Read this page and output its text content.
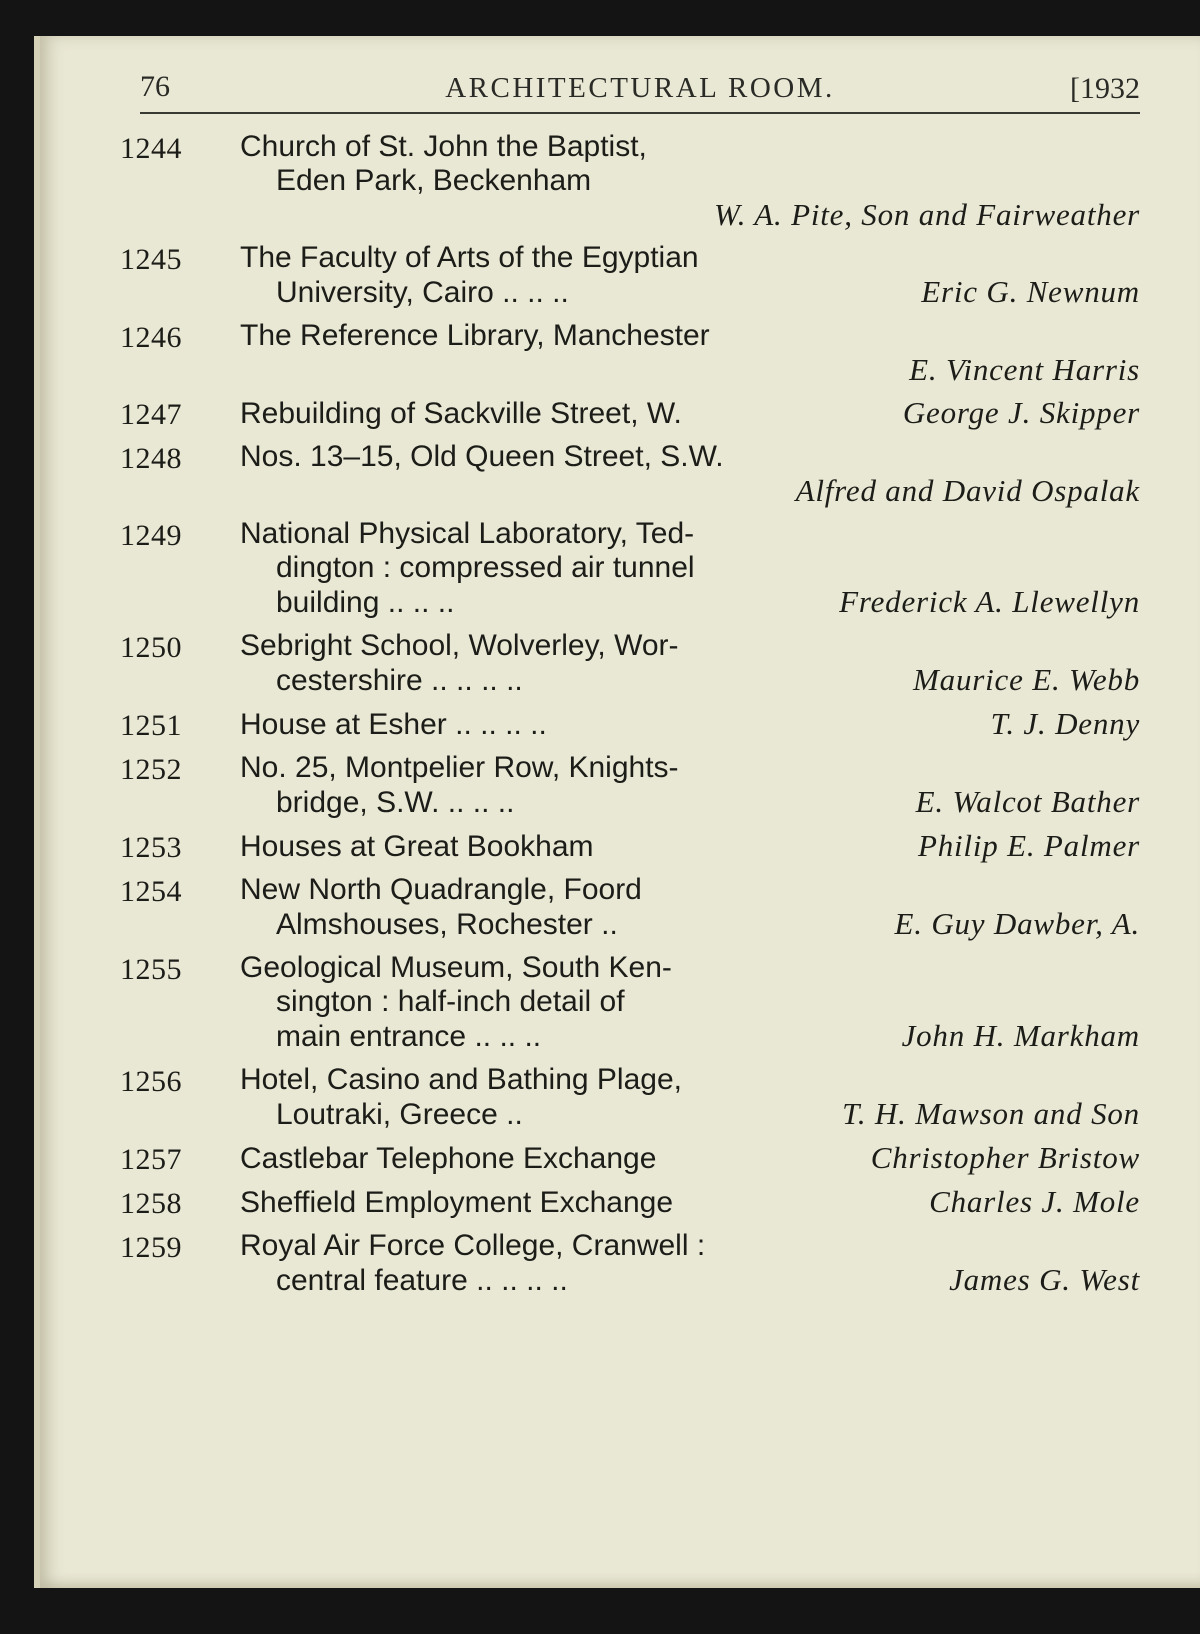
76	ARCHITECTURAL ROOM.	[1932
1244	Church of St. John the Baptist,
Eden Park, Beckenham
W. A. Pite, Son and Fairweather
1245	The Faculty of Arts of the Egyptian
University, Cairo .. .. ..	Eric G. Newnum
1246	The Reference Library, Manchester
E. Vincent Harris
1247	Rebuilding of Sackville Street, W.	George J. Skipper
1248	Nos. 13–15, Old Queen Street, S.W.
Alfred and David Ospalak
1249	National Physical Laboratory, Ted-
dington : compressed air tunnel
building .. .. ..	Frederick A. Llewellyn
1250	Sebright School, Wolverley, Wor-
cestershire .. .. .. ..	Maurice E. Webb
1251	House at Esher .. .. .. ..	T. J. Denny
1252	No. 25, Montpelier Row, Knights-
bridge, S.W. .. .. ..	E. Walcot Bather
1253	Houses at Great Bookham	Philip E. Palmer
1254	New North Quadrangle, Foord
Almshouses, Rochester ..	E. Guy Dawber, A.
1255	Geological Museum, South Ken-
sington : half-inch detail of
main entrance .. .. ..	John H. Markham
1256	Hotel, Casino and Bathing Plage,
Loutraki, Greece ..	T. H. Mawson and Son
1257	Castlebar Telephone Exchange	Christopher Bristow
1258	Sheffield Employment Exchange	Charles J. Mole
1259	Royal Air Force College, Cranwell :
central feature .. .. .. ..	James G. West
